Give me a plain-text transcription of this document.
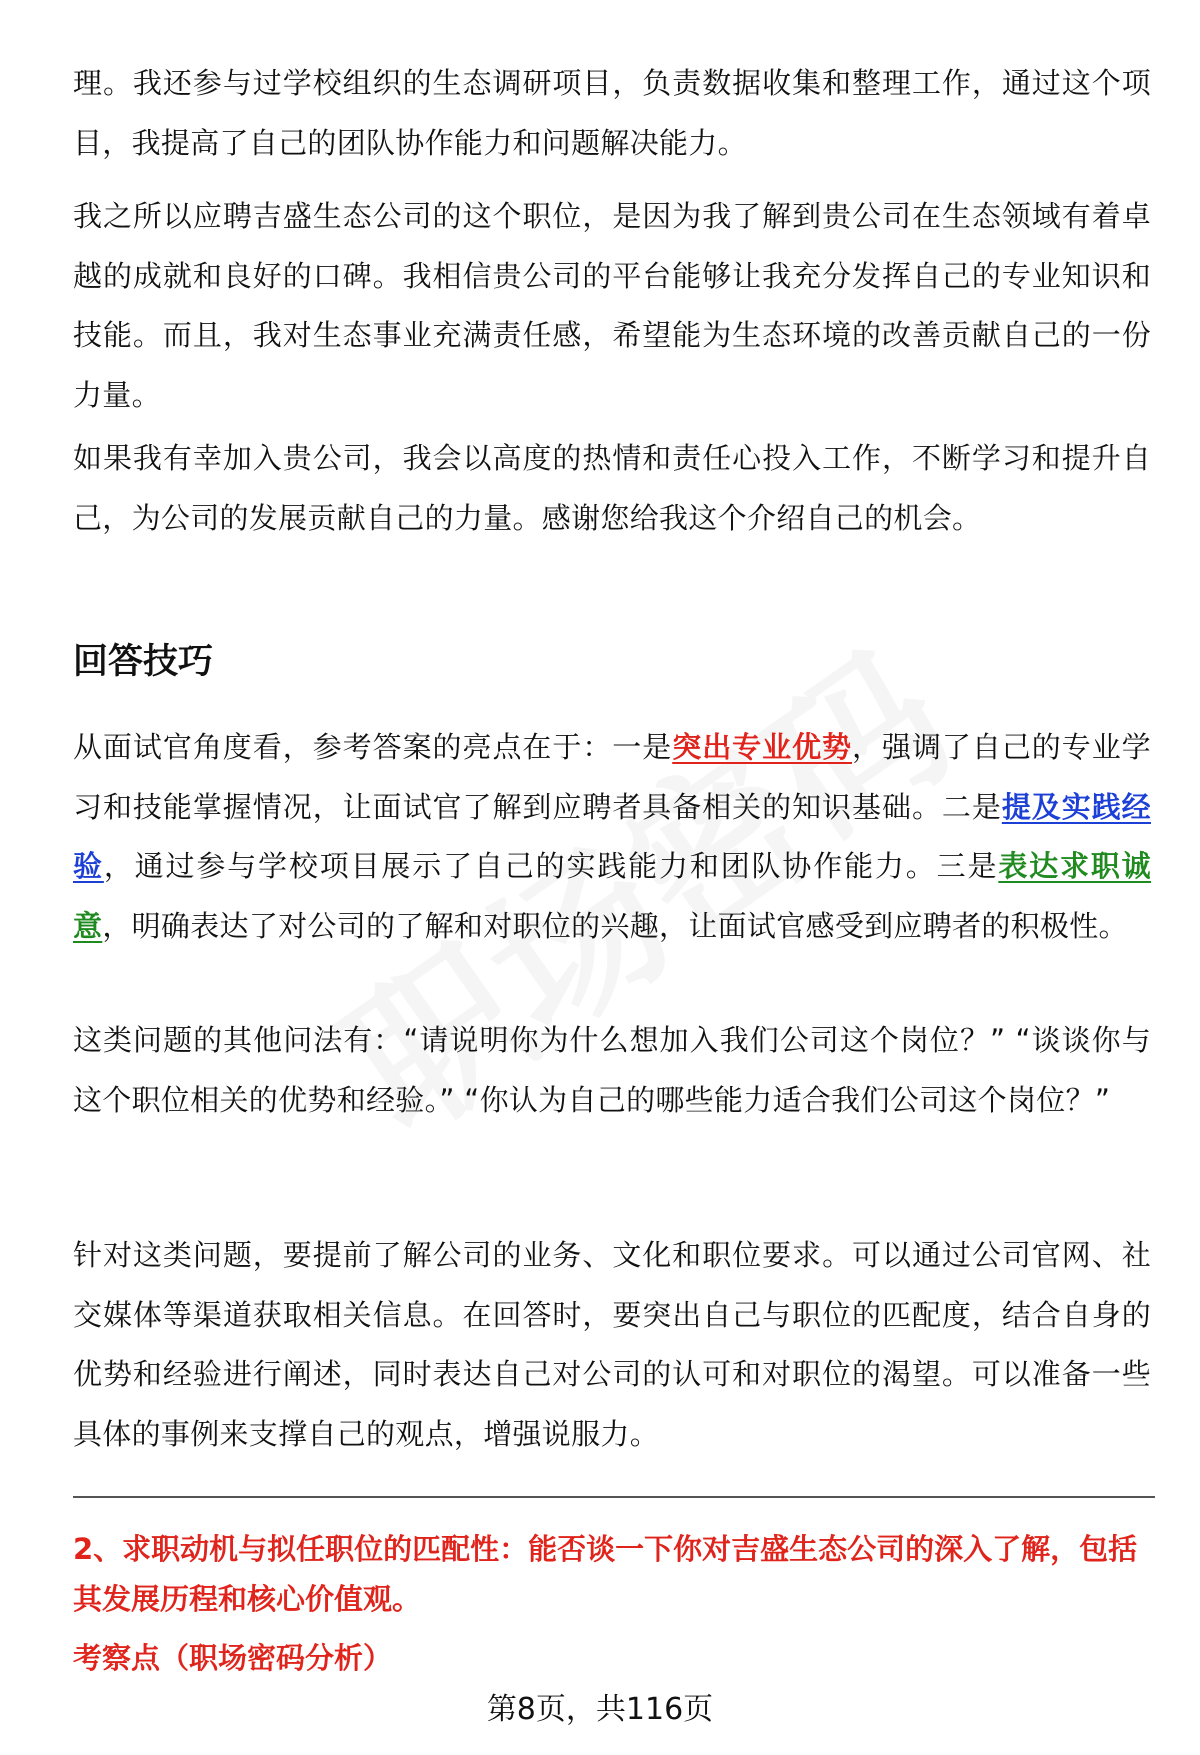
理。我还参与过学校组织的生态调研项目，负责数据收集和整理工作，通过这个项目，我提高了自己的团队协作能力和问题解决能力。

我之所以应聘吉盛生态公司的这个职位，是因为我了解到贵公司在生态领域有着卓越的成就和良好的口碑。我相信贵公司的平台能够让我充分发挥自己的专业知识和技能。而且，我对生态事业充满责任感，希望能为生态环境的改善贡献自己的一份力量。

如果我有幸加入贵公司，我会以高度的热情和责任心投入工作，不断学习和提升自己，为公司的发展贡献自己的力量。感谢您给我这个介绍自己的机会。

回答技巧

从面试官角度看，参考答案的亮点在于：一是突出专业优势，强调了自己的专业学习和技能掌握情况，让面试官了解到应聘者具备相关的知识基础。二是提及实践经验，通过参与学校项目展示了自己的实践能力和团队协作能力。三是表达求职诚意，明确表达了对公司的了解和对职位的兴趣，让面试官感受到应聘者的积极性。

这类问题的其他问法有：“请说明你为什么想加入我们公司这个岗位？” “谈谈你与这个职位相关的优势和经验。” “你认为自己的哪些能力适合我们公司这个岗位？”

针对这类问题，要提前了解公司的业务、文化和职位要求。可以通过公司官网、社交媒体等渠道获取相关信息。在回答时，要突出自己与职位的匹配度，结合自身的优势和经验进行阐述，同时表达自己对公司的认可和对职位的渴望。可以准备一些具体的事例来支撑自己的观点，增强说服力。

2、求职动机与拟任职位的匹配性：能否谈一下你对吉盛生态公司的深入了解，包括其发展历程和核心价值观。

考察点（职场密码分析）

第8页，共116页
